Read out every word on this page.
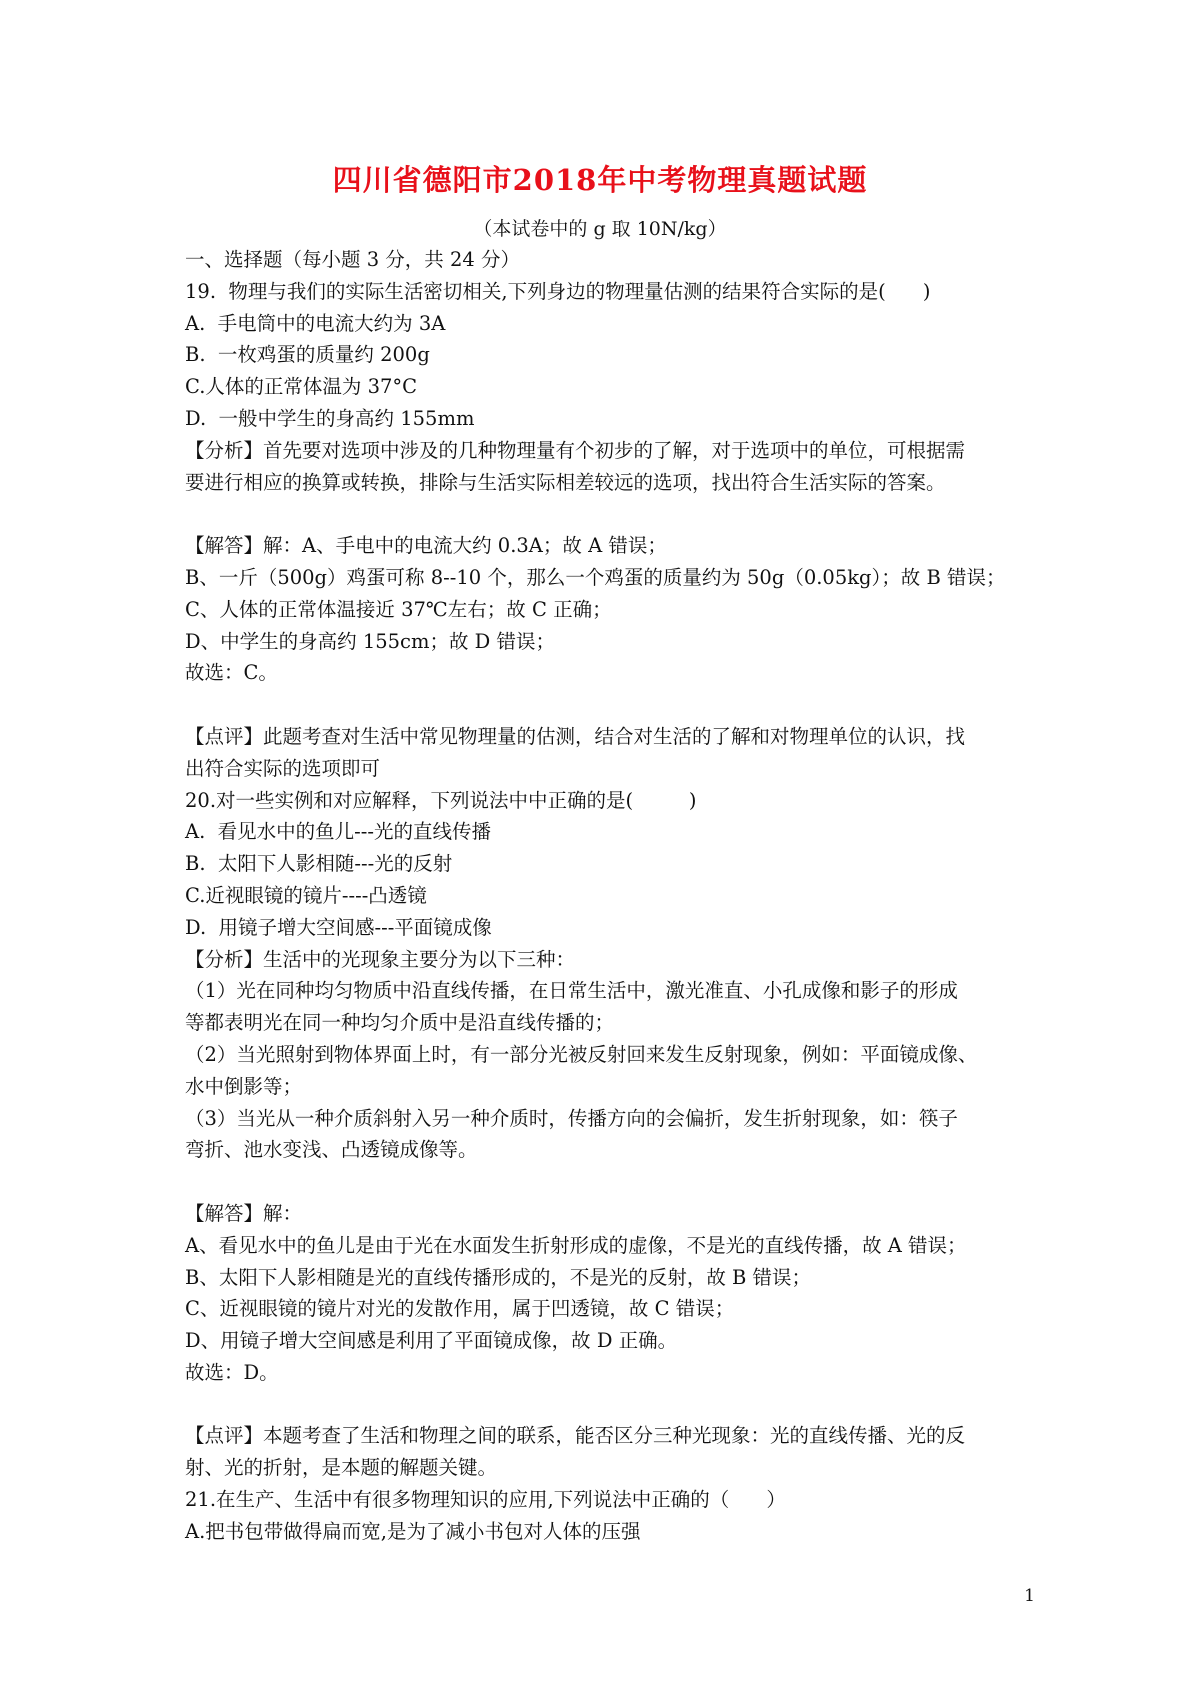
四川省德阳市2018年中考物理真题试题
（本试卷中的 g 取 10N/kg）
一、选择题（每小题 3 分，共 24 分）
19.  物理与我们的实际生活密切相关,下列身边的物理量估测的结果符合实际的是(      )
A.  手电筒中的电流大约为 3A
B.  一枚鸡蛋的质量约 200g
C.人体的正常体温为 37°C
D.  一般中学生的身高约 155mm
【分析】首先要对选项中涉及的几种物理量有个初步的了解，对于选项中的单位，可根据需
要进行相应的换算或转换，排除与生活实际相差较远的选项，找出符合生活实际的答案。
【解答】解：A、手电中的电流大约 0.3A；故 A 错误；
B、一斤（500g）鸡蛋可称 8--10 个，那么一个鸡蛋的质量约为 50g（0.05kg）；故 B 错误；
C、人体的正常体温接近 37℃左右；故 C 正确；
D、中学生的身高约 155cm；故 D 错误；
故选：C。
【点评】此题考查对生活中常见物理量的估测，结合对生活的了解和对物理单位的认识，找
出符合实际的选项即可
20.对一些实例和对应解释，下列说法中中正确的是(         )
A.  看见水中的鱼儿---光的直线传播
B.  太阳下人影相随---光的反射
C.近视眼镜的镜片----凸透镜
D.  用镜子增大空间感---平面镜成像
【分析】生活中的光现象主要分为以下三种：
（1）光在同种均匀物质中沿直线传播，在日常生活中，激光准直、小孔成像和影子的形成
等都表明光在同一种均匀介质中是沿直线传播的；
（2）当光照射到物体界面上时，有一部分光被反射回来发生反射现象，例如：平面镜成像、
水中倒影等；
（3）当光从一种介质斜射入另一种介质时，传播方向的会偏折，发生折射现象，如：筷子
弯折、池水变浅、凸透镜成像等。
【解答】解：
A、看见水中的鱼儿是由于光在水面发生折射形成的虚像，不是光的直线传播，故 A 错误；
B、太阳下人影相随是光的直线传播形成的，不是光的反射，故 B 错误；
C、近视眼镜的镜片对光的发散作用，属于凹透镜，故 C 错误；
D、用镜子增大空间感是利用了平面镜成像，故 D 正确。
故选：D。
【点评】本题考查了生活和物理之间的联系，能否区分三种光现象：光的直线传播、光的反
射、光的折射，是本题的解题关键。
21.在生产、生活中有很多物理知识的应用,下列说法中正确的（      ）
A.把书包带做得扁而宽,是为了减小书包对人体的压强
1
